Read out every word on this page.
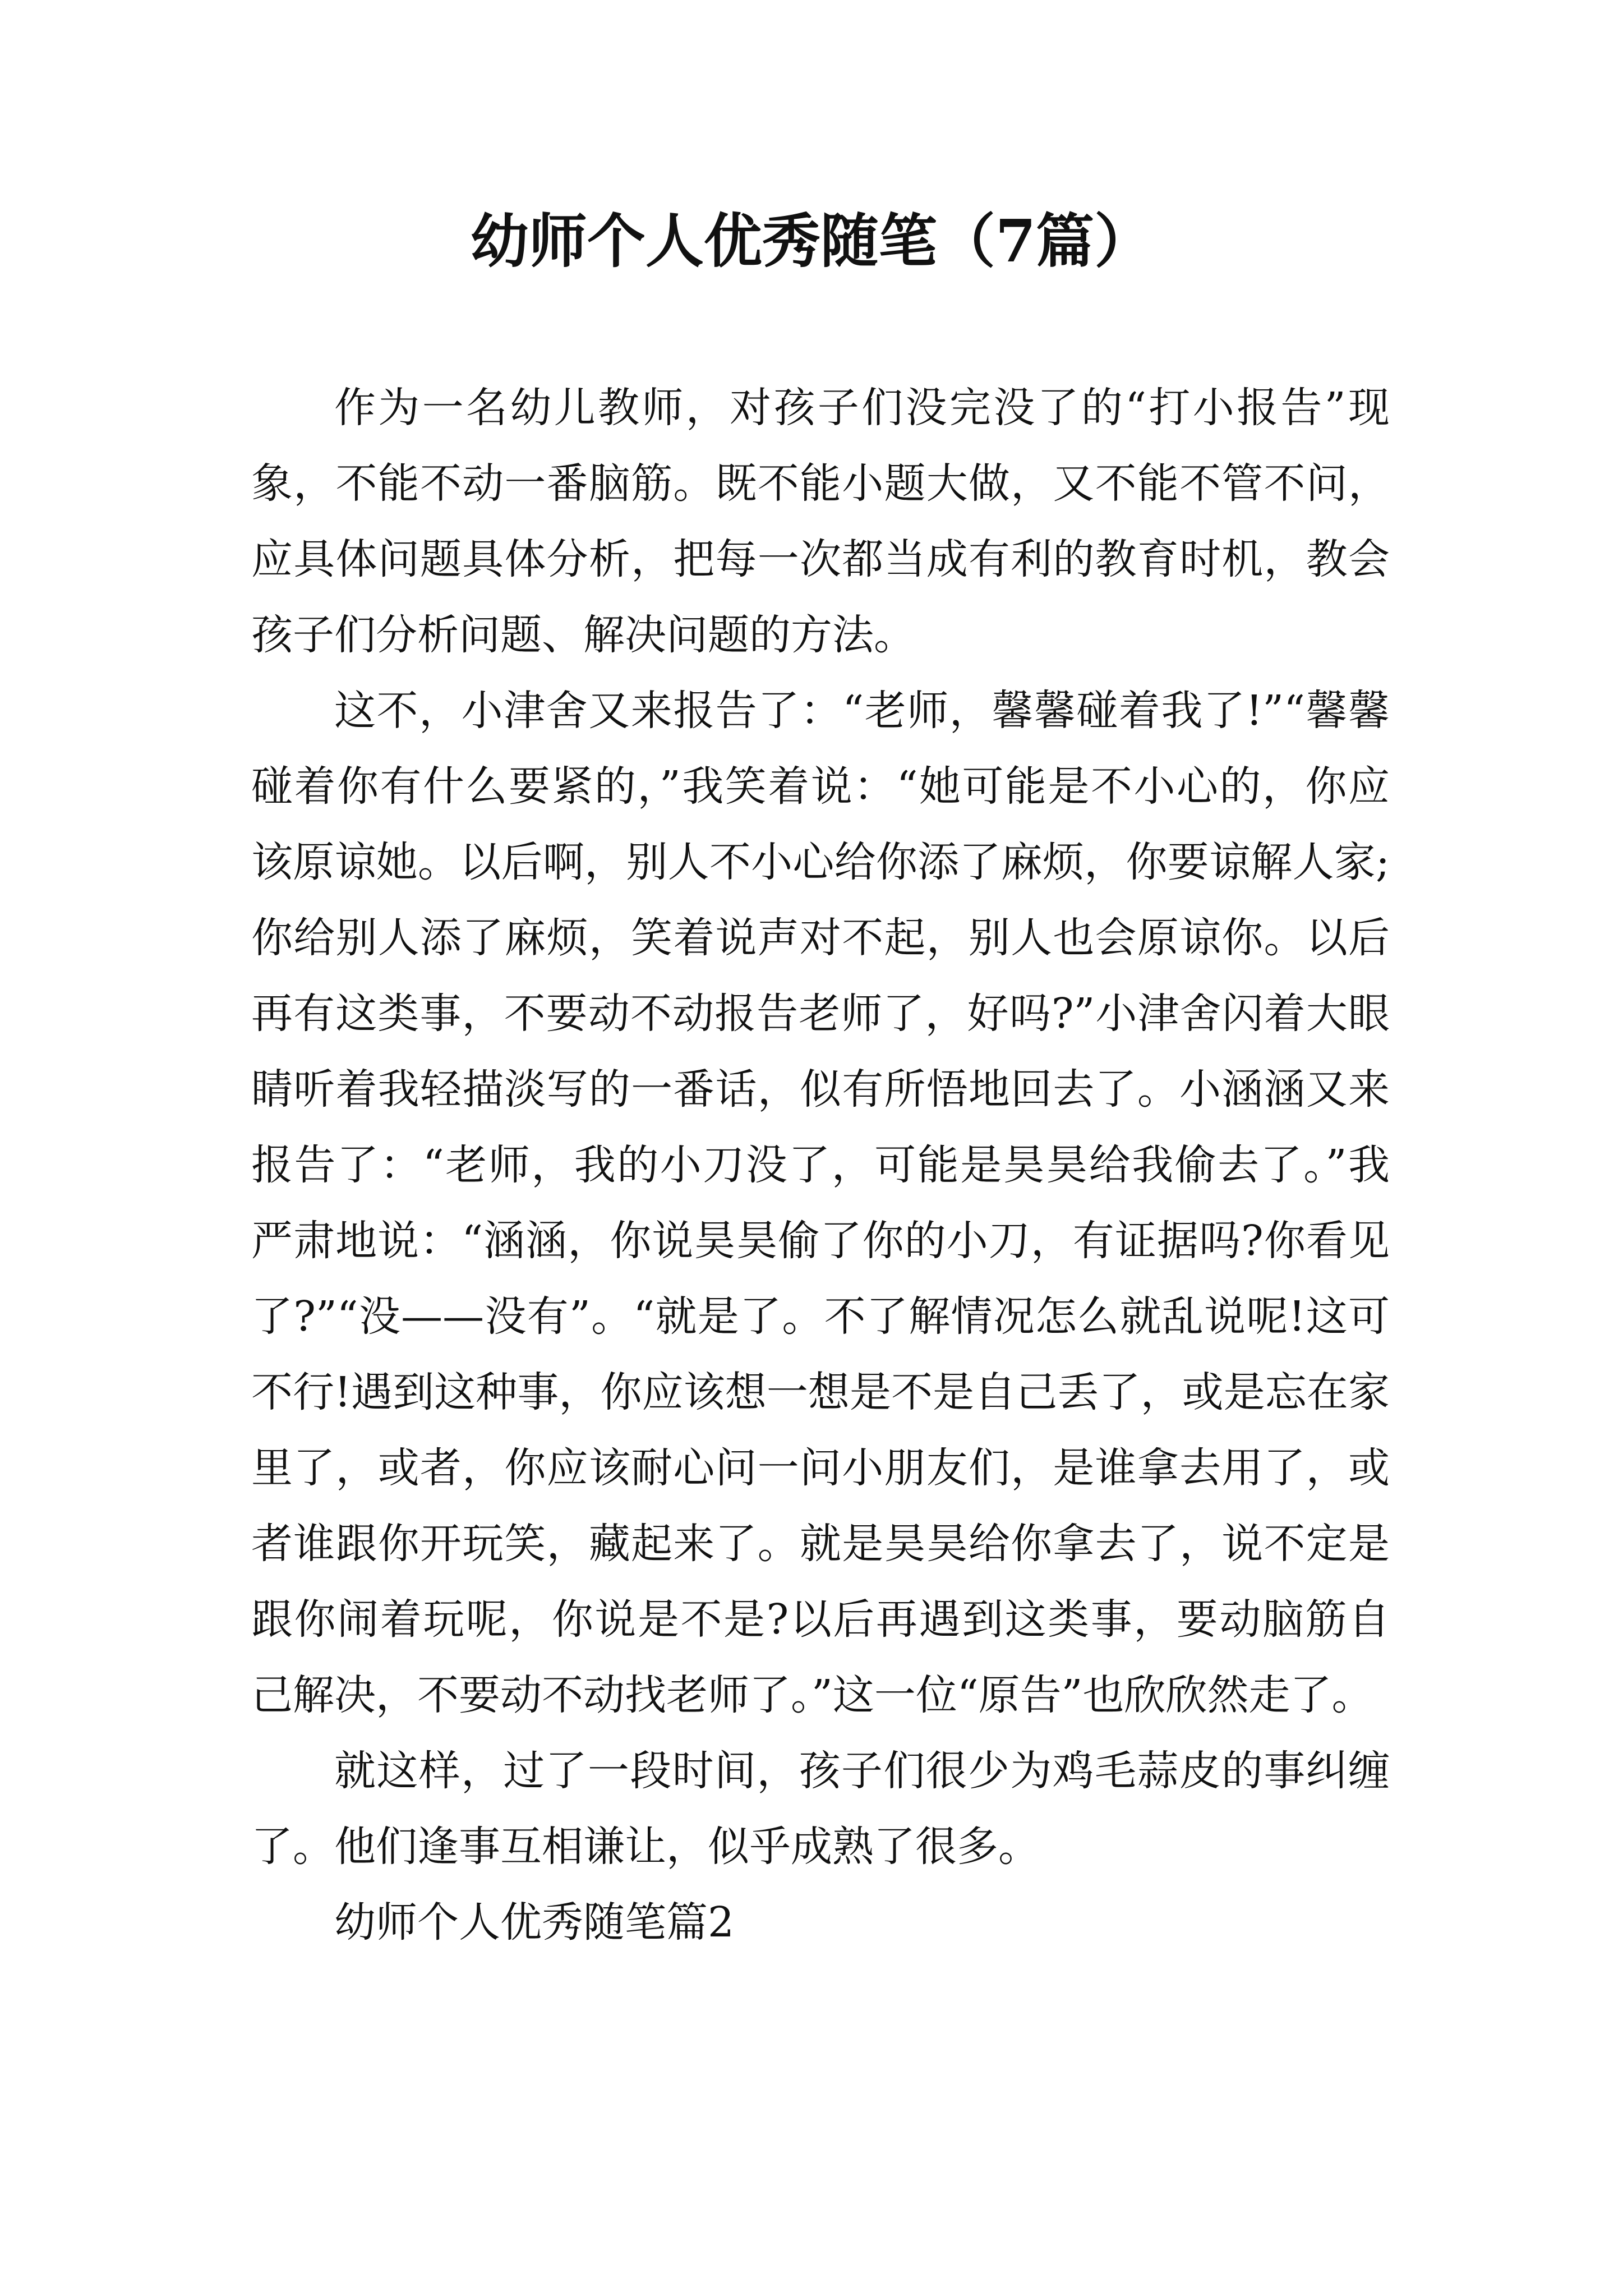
幼师个人优秀随笔（7篇）

作为一名幼儿教师，对孩子们没完没了的“打小报告”现象，不能不动一番脑筋。既不能小题大做，又不能不管不问，应具体问题具体分析，把每一次都当成有利的教育时机，教会孩子们分析问题、解决问题的方法。

这不，小津舍又来报告了：“老师，馨馨碰着我了!”“馨馨碰着你有什么要紧的，”我笑着说：“她可能是不小心的，你应该原谅她。以后啊，别人不小心给你添了麻烦，你要谅解人家;你给别人添了麻烦，笑着说声对不起，别人也会原谅你。以后再有这类事，不要动不动报告老师了，好吗?”小津舍闪着大眼睛听着我轻描淡写的一番话，似有所悟地回去了。小涵涵又来报告了：“老师，我的小刀没了，可能是昊昊给我偷去了。”我严肃地说：“涵涵，你说昊昊偷了你的小刀，有证据吗?你看见了?”“没——没有”。“就是了。不了解情况怎么就乱说呢!这可不行!遇到这种事，你应该想一想是不是自己丢了，或是忘在家里了，或者，你应该耐心问一问小朋友们，是谁拿去用了，或者谁跟你开玩笑，藏起来了。就是昊昊给你拿去了，说不定是跟你闹着玩呢，你说是不是?以后再遇到这类事，要动脑筋自己解决，不要动不动找老师了。”这一位“原告”也欣欣然走了。

就这样，过了一段时间，孩子们很少为鸡毛蒜皮的事纠缠了。他们逢事互相谦让，似乎成熟了很多。

幼师个人优秀随笔篇2
